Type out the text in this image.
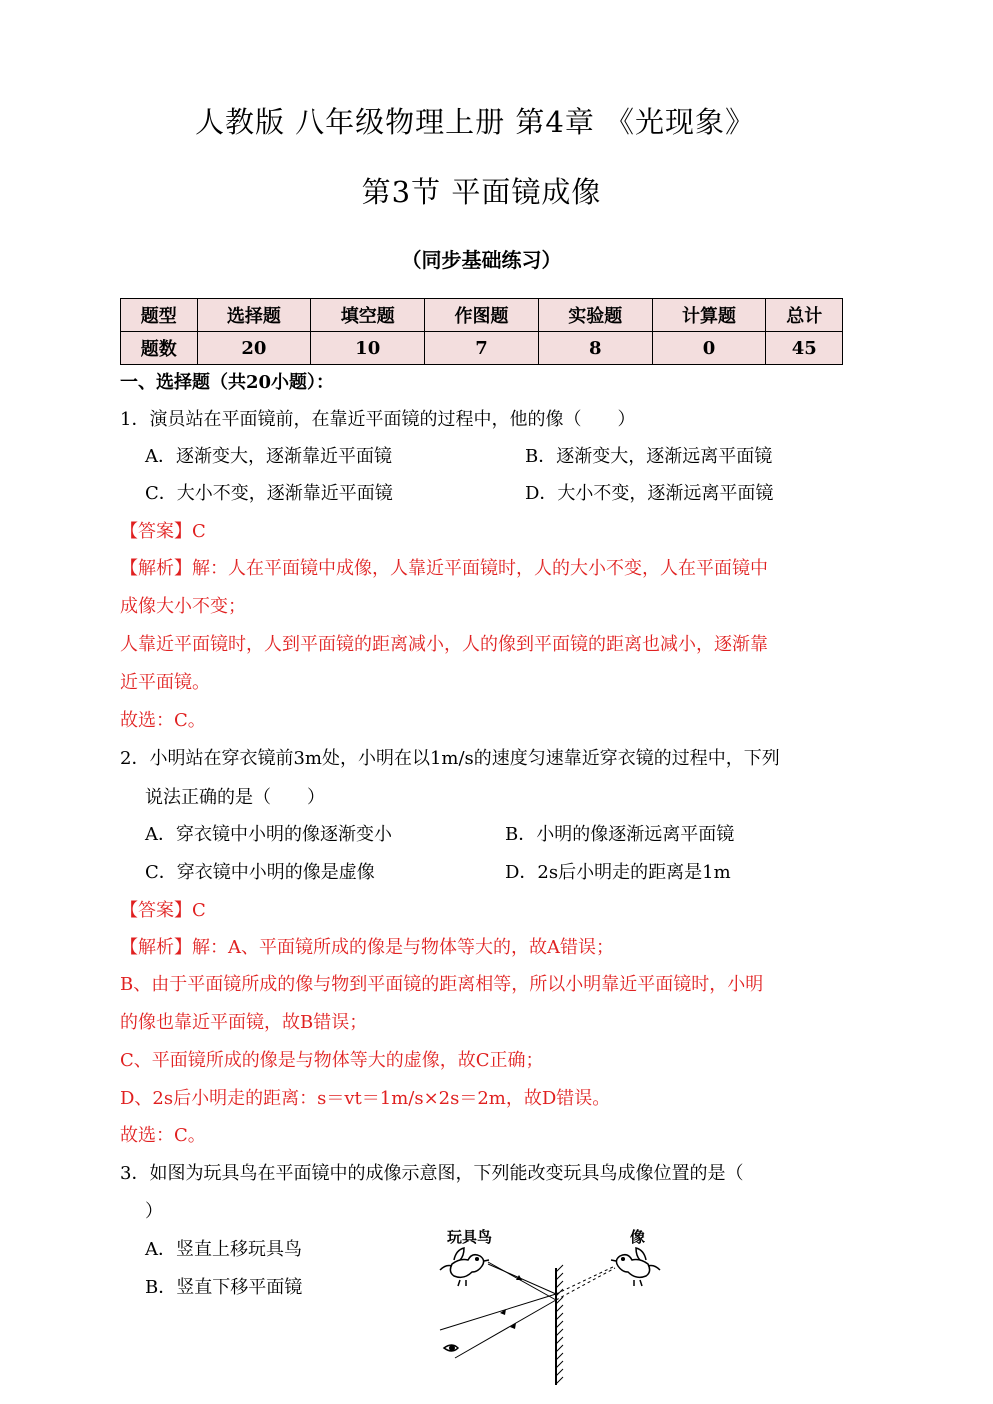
人教版 八年级物理上册 第4章 《光现象》
第3节 平面镜成像
（同步基础练习）
题型	选择题	填空题	作图题	实验题	计算题	总计
题数	20	10	7	8	0	45
一、选择题（共20小题）：
1．演员站在平面镜前，在靠近平面镜的过程中，他的像（　　）
A．逐渐变大，逐渐靠近平面镜	B．逐渐变大，逐渐远离平面镜
C．大小不变，逐渐靠近平面镜	D．大小不变，逐渐远离平面镜
【答案】C
【解析】解：人在平面镜中成像，人靠近平面镜时，人的大小不变，人在平面镜中
成像大小不变；
人靠近平面镜时，人到平面镜的距离减小，人的像到平面镜的距离也减小，逐渐靠
近平面镜。
故选：C。
2．小明站在穿衣镜前3m处，小明在以1m/s的速度匀速靠近穿衣镜的过程中，下列
说法正确的是（　　）
A．穿衣镜中小明的像逐渐变小	B．小明的像逐渐远离平面镜
C．穿衣镜中小明的像是虚像	D．2s后小明走的距离是1m
【答案】C
【解析】解：A、平面镜所成的像是与物体等大的，故A错误；
B、由于平面镜所成的像与物到平面镜的距离相等，所以小明靠近平面镜时，小明
的像也靠近平面镜，故B错误；
C、平面镜所成的像是与物体等大的虚像，故C正确；
D、2s后小明走的距离：s＝vt＝1m/s×2s＝2m，故D错误。
故选：C。
3．如图为玩具鸟在平面镜中的成像示意图，下列能改变玩具鸟成像位置的是（
）
A．竖直上移玩具鸟
B．竖直下移平面镜
玩具鸟	像
